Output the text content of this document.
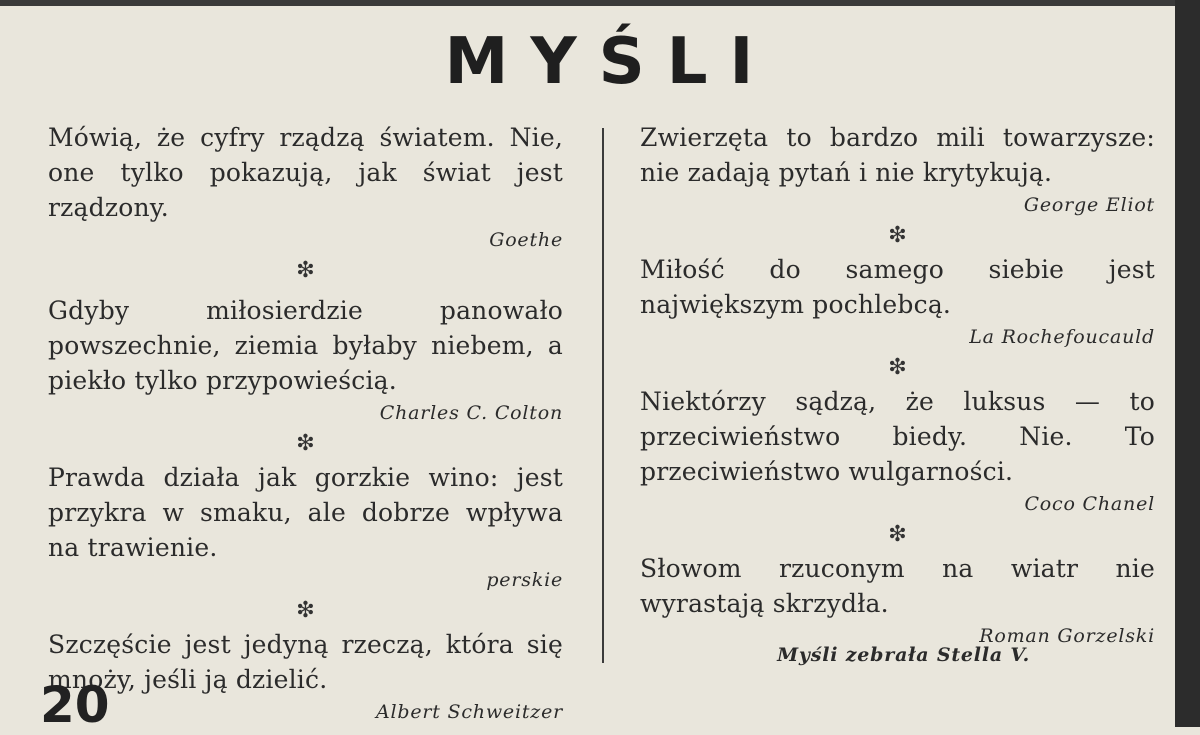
MYŚLI
Mówią, że cyfry rządzą światem. Nie, one tylko pokazują, jak świat jest rządzony.
Goethe
❇
Gdyby miłosierdzie panowało powszechnie, ziemia byłaby niebem, a piekło tylko przypowieścią.
Charles C. Colton
❇
Prawda działa jak gorzkie wino: jest przykra w smaku, ale dobrze wpływa na trawienie.
perskie
❇
Szczęście jest jedyną rzeczą, która się mnoży, jeśli ją dzielić.
Albert Schweitzer
Zwierzęta to bardzo mili towarzysze: nie zadają pytań i nie krytykują.
George Eliot
❇
Miłość do samego siebie jest największym pochlebcą.
La Rochefoucauld
❇
Niektórzy sądzą, że luksus — to przeciwieństwo biedy. Nie. To przeciwieństwo wulgarności.
Coco Chanel
❇
Słowom rzuconym na wiatr nie wyrastają skrzydła.
Roman Gorzelski
Myśli zebrała Stella V.
20
